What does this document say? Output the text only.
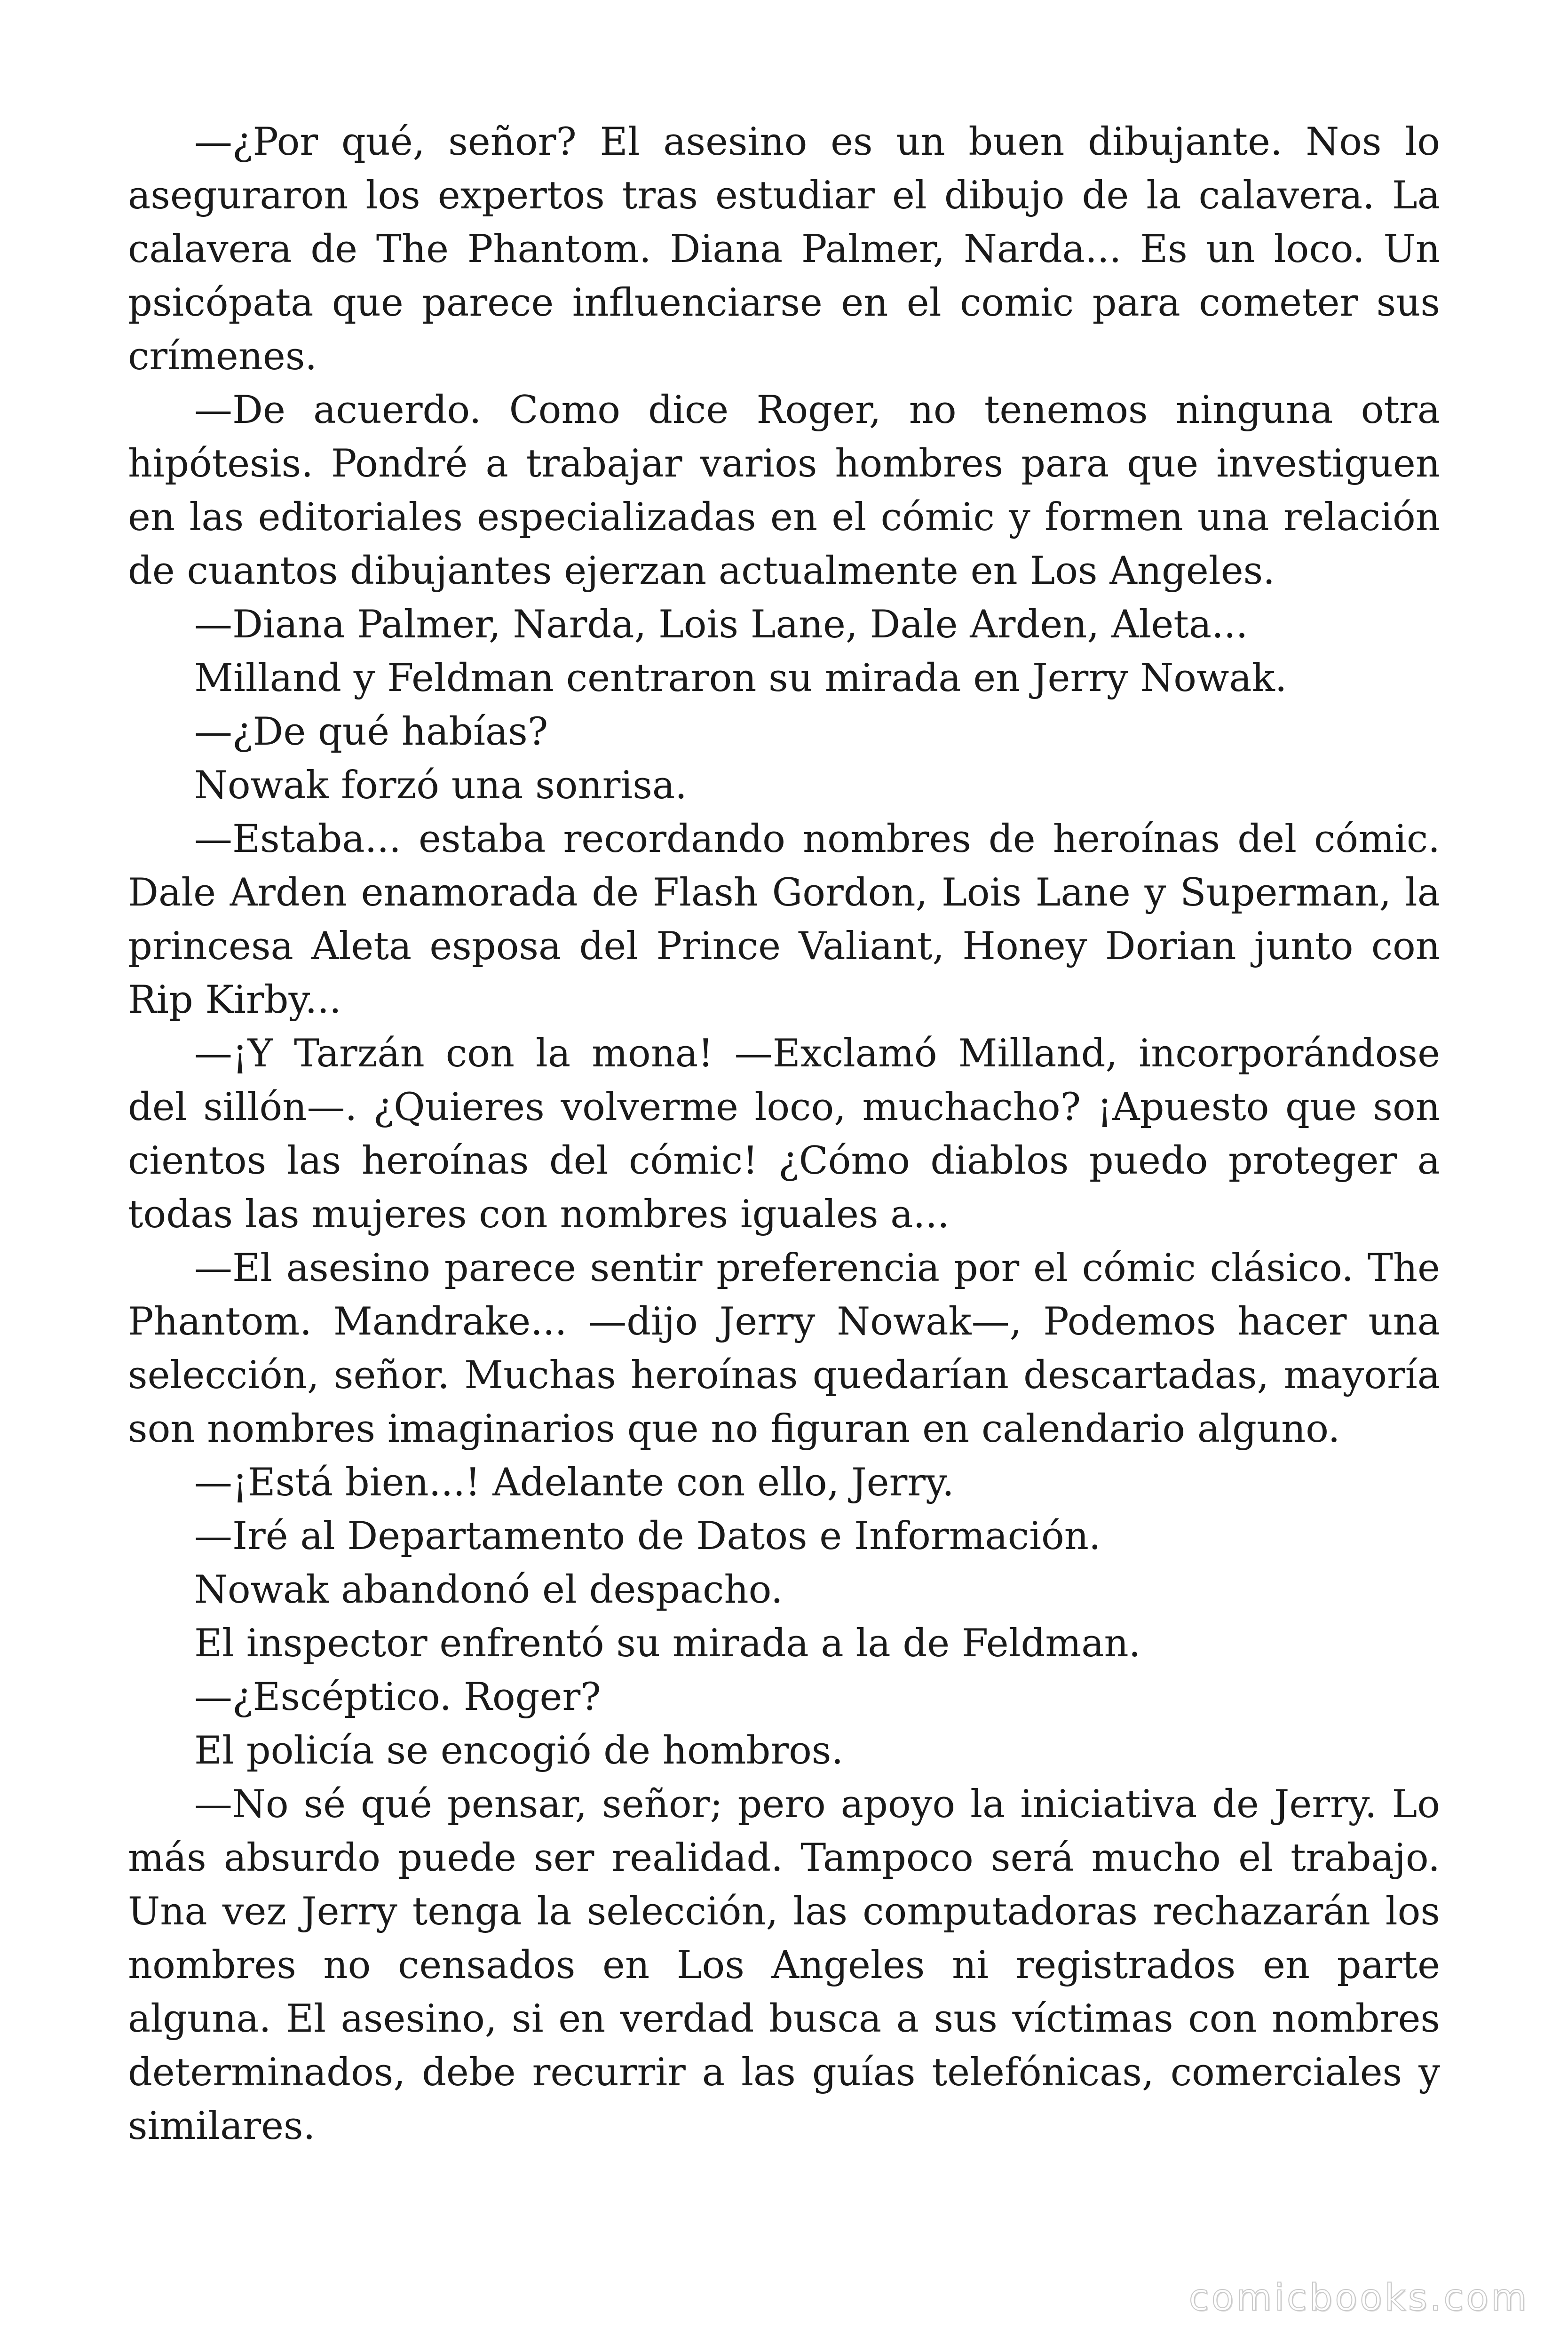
—¿Por qué, señor? El asesino es un buen dibujante. Nos lo aseguraron los expertos tras estudiar el dibujo de la calavera. La calavera de The Phantom. Diana Palmer, Narda... Es un loco. Un psicópata que parece influenciarse en el comic para cometer sus crímenes.

—De acuerdo. Como dice Roger, no tenemos ninguna otra hipótesis. Pondré a trabajar varios hombres para que investiguen en las editoriales especializadas en el cómic y formen una relación de cuantos dibujantes ejerzan actualmente en Los Angeles.

—Diana Palmer, Narda, Lois Lane, Dale Arden, Aleta...

Milland y Feldman centraron su mirada en Jerry Nowak.

—¿De qué habías?

Nowak forzó una sonrisa.

—Estaba... estaba recordando nombres de heroínas del cómic. Dale Arden enamorada de Flash Gordon, Lois Lane y Superman, la princesa Aleta esposa del Prince Valiant, Honey Dorian junto con Rip Kirby...

—¡Y Tarzán con la mona! —Exclamó Milland, incorporándose del sillón—. ¿Quieres volverme loco, muchacho? ¡Apuesto que son cientos las heroínas del cómic! ¿Cómo diablos puedo proteger a todas las mujeres con nombres iguales a...

—El asesino parece sentir preferencia por el cómic clásico. The Phantom. Mandrake... —dijo Jerry Nowak—, Podemos hacer una selección, señor. Muchas heroínas quedarían descartadas, mayoría son nombres imaginarios que no figuran en calendario alguno.

—¡Está bien...! Adelante con ello, Jerry.

—Iré al Departamento de Datos e Información.

Nowak abandonó el despacho.

El inspector enfrentó su mirada a la de Feldman.

—¿Escéptico. Roger?

El policía se encogió de hombros.

—No sé qué pensar, señor; pero apoyo la iniciativa de Jerry. Lo más absurdo puede ser realidad. Tampoco será mucho el trabajo. Una vez Jerry tenga la selección, las computadoras rechazarán los nombres no censados en Los Angeles ni registrados en parte alguna. El asesino, si en verdad busca a sus víctimas con nombres determinados, debe recurrir a las guías telefónicas, comerciales y similares.

comicbooks.com
